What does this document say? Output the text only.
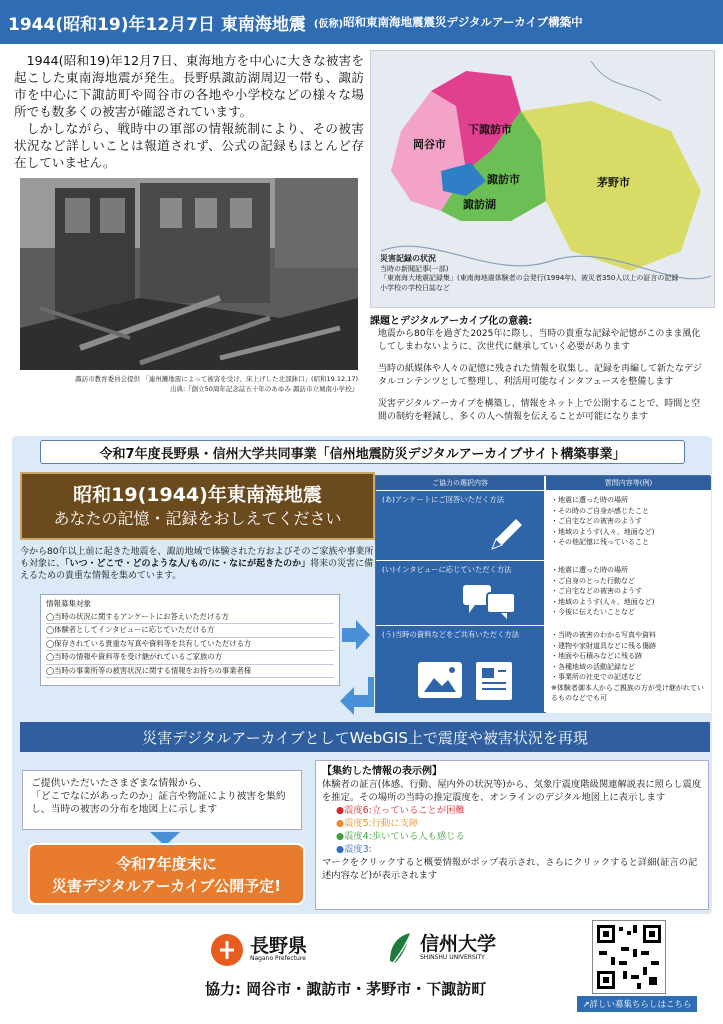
1944(昭和19)年12月7日 東南海地震 (仮称) 昭和東南海地震震災デジタルアーカイブ構築中

1944(昭和19)年12月7日、東海地方を中心に大きな被害を起こした東南海地震が発生。長野県諏訪湖周辺一帯も、諏訪市を中心に下諏訪町や岡谷市の各地や小学校などの様々な場所でも数多くの被害が確認されています。

しかしながら、戦時中の軍部の情報統制により、その被害状況など詳しいことは報道されず、公式の記録もほとんど存在していません。

諏訪市教育委員会提供 「連州灘地震によって被害を受け、床上げした北部鉢口」(昭和19.12.17)
出典:『創立50周年記念誌五十年のあゆみ 諏訪市立城南小学校』
下諏訪市
岡谷市
諏訪市
諏訪湖
茅野市
災害記録の状況
当時の新聞記事(一部)
「東南海大地震記録集」(東南海地震体験者の会発行(1994年)、被災者350人以上の証言の記録
小学校の学校日誌など
課題とデジタルアーカイブ化の意義:

地震から80年を過ぎた2025年に際し、当時の貴重な記録や記憶がこのまま風化してしまわないように、次世代に継承していく必要があります

当時の紙媒体や人々の記憶に残された情報を収集し、記録を再編して新たなデジタルコンテンツとして整理し、利活用可能なインタフェースを整備します

災害デジタルアーカイブを構築し、情報をネット上で公開することで、時間と空間の制約を軽減し、多くの人へ情報を伝えることが可能になります

令和7年度長野県・信州大学共同事業「信州地震防災デジタルアーカイブサイト構築事業」
昭和19(1944)年東南海地震
あなたの記憶・記録をおしえてください
今から80年以上前に起きた地震を、諏訪地域で体験された方およびそのご家族や事業所も対象に、「いつ・どこで・どのような人/もの/に・なにが起きたのか」将来の災害に備えるための貴重な情報を集めています。
情報募集対象
◯当時の状況に関するアンケートにお答えいただける方
◯体験者としてインタビューに応じていただける方
◯保存されている貴重な写真や資料等を共有していただける方
◯当時の情報や資料等を受け継がれているご家族の方
◯当時の事業所等の被害状況に関する情報をお持ちの事業者様
ご協力の選択内容	質問内容等(例)
(あ)アンケートにご回答いただく方法	・地震に遭った時の場所
・その時のご自身が感じたこと
・ご自宅などの被害のようす
・地域のようす(人々、地面など)
・その他記憶に残っていること
(い)インタビューに応じていただく方法	・地震に遭った時の場所
・ご自身のとった行動など
・ご自宅などの被害のようす
・地域のようす(人々、地面など)
・今後に伝えたいことなど
(う)当時の資料などをご共有いただく方法	・当時の被害のわかる写真や資料
・建物や家財道具などに残る傷跡
・地面や石積みなどに残る跡
・各種地域の活動記録など
・事業所の社史での記述など
※体験者御本人からご親族の方が受け継がれているものなどでも可
災害デジタルアーカイブとしてWebGIS上で震度や被害状況を再現
ご提供いただいたさまざまな情報から、
「どこでなにがあったのか」証言や物証により被害を集約し、当時の被害の分布を地図上に示します
令和7年度末に
災害デジタルアーカイブ公開予定!
【集約した情報の表示例】
体験者の証言(体感、行動、屋内外の状況等)から、気象庁震度階級関連解説表に照らし震度を推定。その場所の当時の推定震度を、オンラインのデジタル地図上に表示します
●震度6:立っていることが困難
●震度5:行動に支障
●震度4:歩いている人も感じる
●震度3:
マークをクリックすると概要情報がポップ表示され、さらにクリックすると詳細(証言の記述内容など)が表示されます
長野県
Nagano Prefecture
信州大学
SHINSHU UNIVERSITY
協力: 岡谷市・諏訪市・茅野市・下諏訪町
↗詳しい募集ちらしはこちら
